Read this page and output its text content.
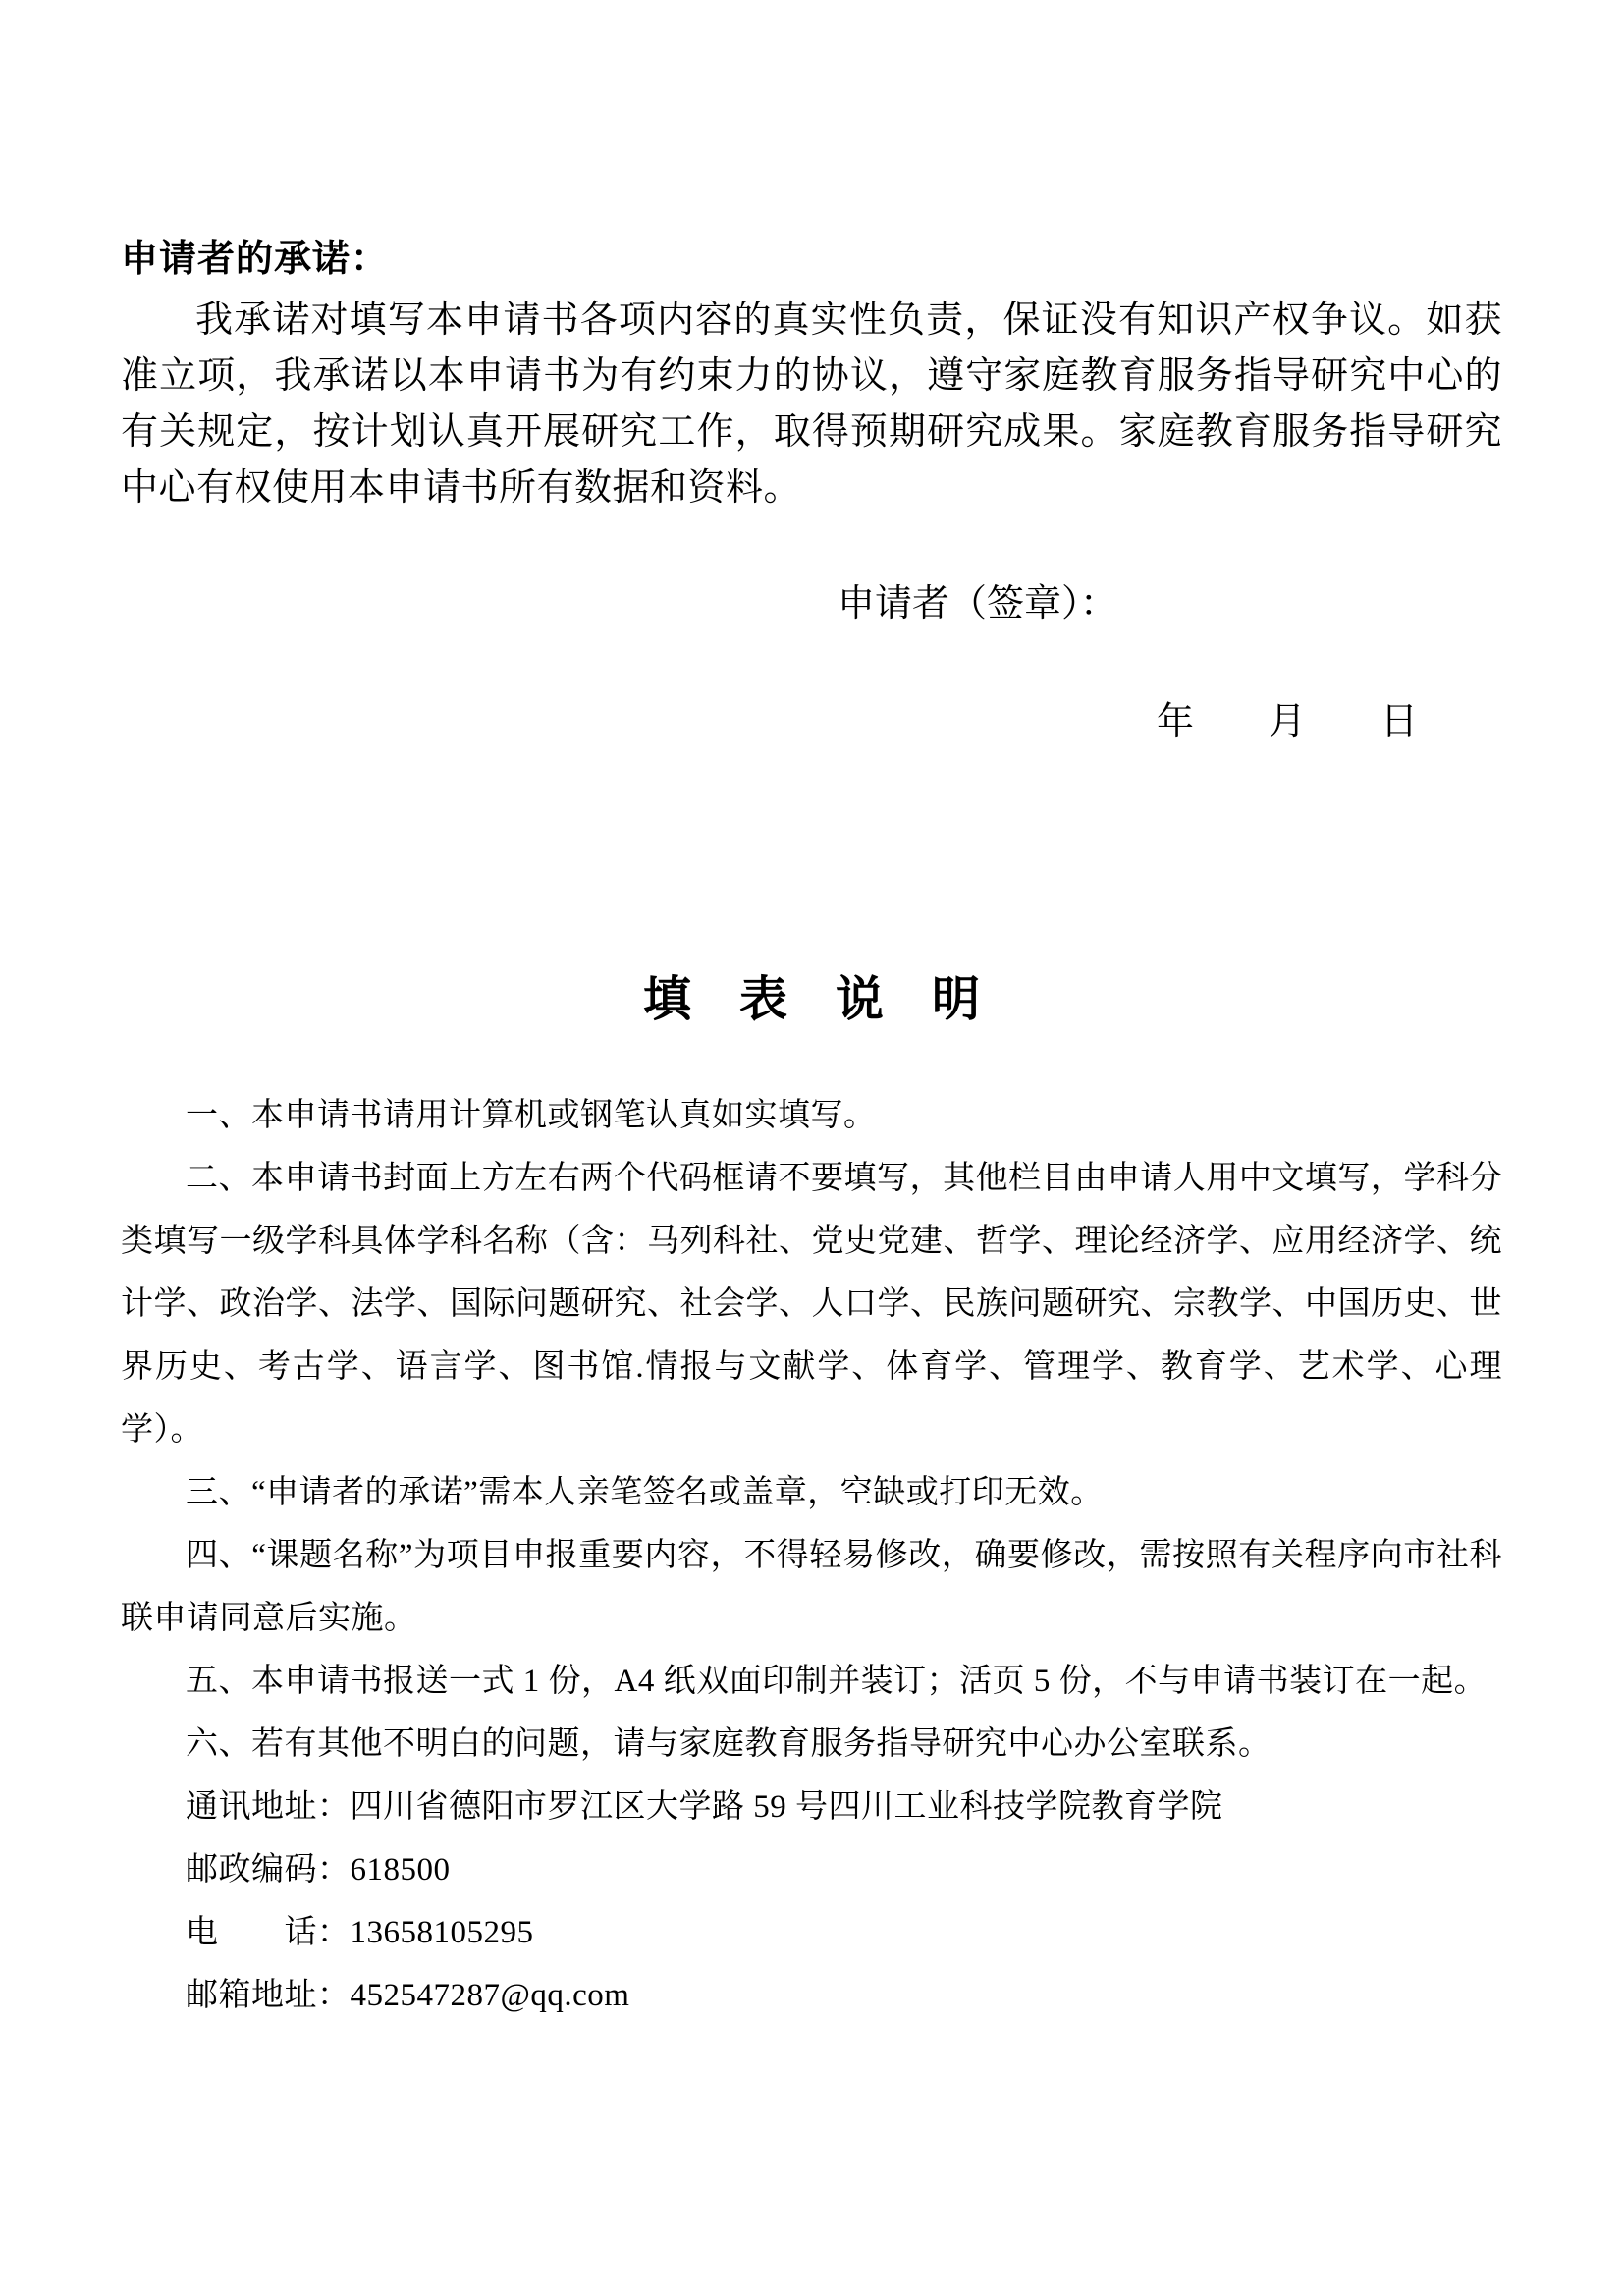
申请者的承诺：

我承诺对填写本申请书各项内容的真实性负责，保证没有知识产权争议。如获准立项，我承诺以本申请书为有约束力的协议，遵守家庭教育服务指导研究中心的有关规定，按计划认真开展研究工作，取得预期研究成果。家庭教育服务指导研究中心有权使用本申请书所有数据和资料。

申请者（签章）：

年　　月　　日

填　表　说　明

一、本申请书请用计算机或钢笔认真如实填写。

二、本申请书封面上方左右两个代码框请不要填写，其他栏目由申请人用中文填写，学科分类填写一级学科具体学科名称（含：马列科社、党史党建、哲学、理论经济学、应用经济学、统计学、政治学、法学、国际问题研究、社会学、人口学、民族问题研究、宗教学、中国历史、世界历史、考古学、语言学、图书馆.情报与文献学、体育学、管理学、教育学、艺术学、心理学）。

三、“申请者的承诺”需本人亲笔签名或盖章，空缺或打印无效。

四、“课题名称”为项目申报重要内容，不得轻易修改，确要修改，需按照有关程序向市社科联申请同意后实施。

五、本申请书报送一式 1 份，A4 纸双面印制并装订；活页 5 份，不与申请书装订在一起。

六、若有其他不明白的问题，请与家庭教育服务指导研究中心办公室联系。

通讯地址：四川省德阳市罗江区大学路 59 号四川工业科技学院教育学院

邮政编码：618500

电　　话：13658105295

邮箱地址：452547287@qq.com
